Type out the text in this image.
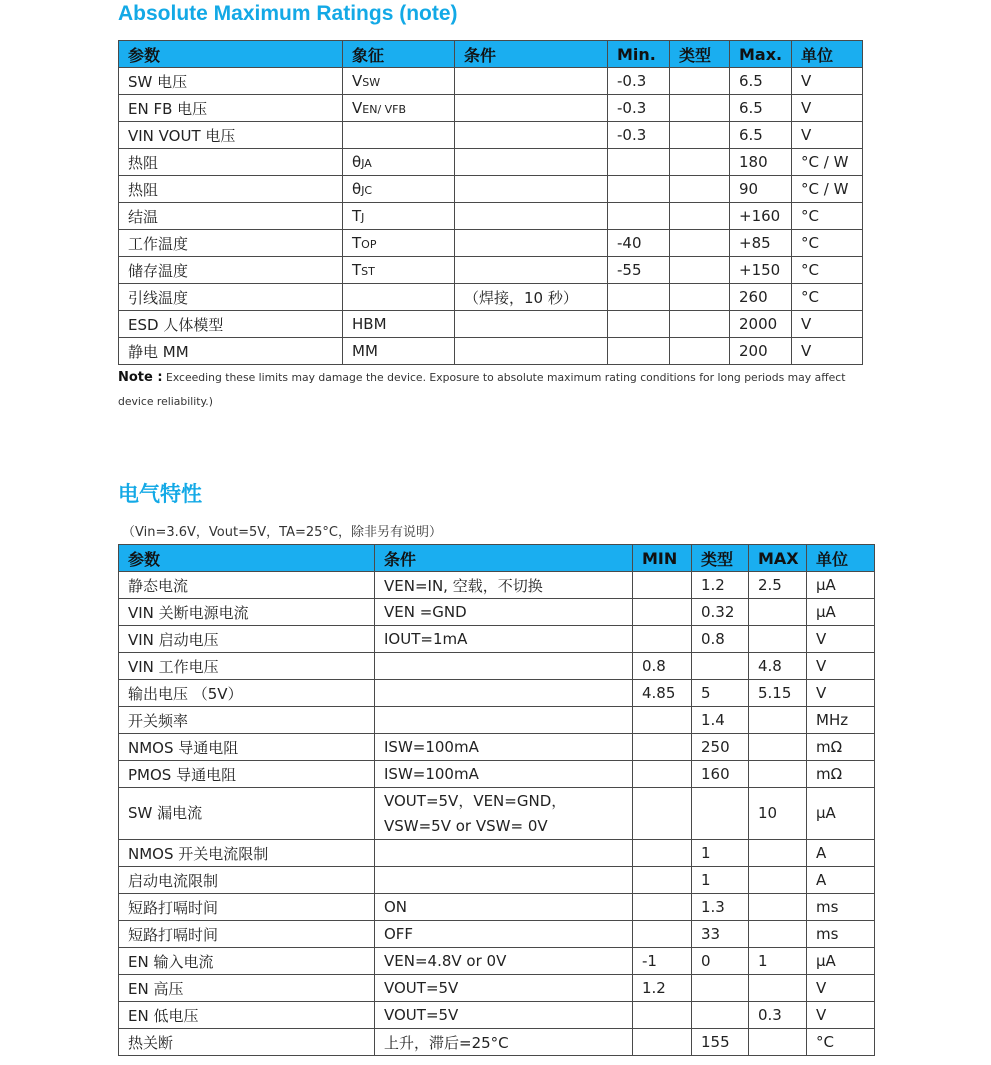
Absolute Maximum Ratings (note)
参数	象征	条件	Min.	类型	Max.	单位
SW 电压	VSW		-0.3		6.5	V
EN FB 电压	VEN/ VFB		-0.3		6.5	V
VIN VOUT 电压			-0.3		6.5	V
热阻	θJA				180	°C / W
热阻	θJC				90	°C / W
结温	TJ				+160	°C
工作温度	TOP		-40		+85	°C
储存温度	TST		-55		+150	°C
引线温度		（焊接，10 秒）			260	°C
ESD 人体模型	HBM				2000	V
静电 MM	MM				200	V

Note : Exceeding these limits may damage the device. Exposure to absolute maximum rating conditions for long periods may affect device reliability.)

电气特性

（Vin=3.6V，Vout=5V，TA=25°C，除非另有说明）

参数	条件	MIN	类型	MAX	单位
静态电流	VEN=IN, 空载，不切换		1.2	2.5	μA
VIN 关断电源电流	VEN =GND		0.32		μA
VIN 启动电压	IOUT=1mA		0.8		V
VIN 工作电压		0.8		4.8	V
输出电压 （5V）		4.85	5	5.15	V
开关频率			1.4		MHz
NMOS 导通电阻	ISW=100mA		250		mΩ
PMOS 导通电阻	ISW=100mA		160		mΩ
SW 漏电流	VOUT=5V，VEN=GND，VSW=5V or VSW= 0V			10	μA
NMOS 开关电流限制			1		A
启动电流限制			1		A
短路打嗝时间	ON		1.3		ms
短路打嗝时间	OFF		33		ms
EN 输入电流	VEN=4.8V or 0V	-1	0	1	μA
EN 高压	VOUT=5V	1.2			V
EN 低电压	VOUT=5V			0.3	V
热关断	上升，滞后=25°C		155		°C
